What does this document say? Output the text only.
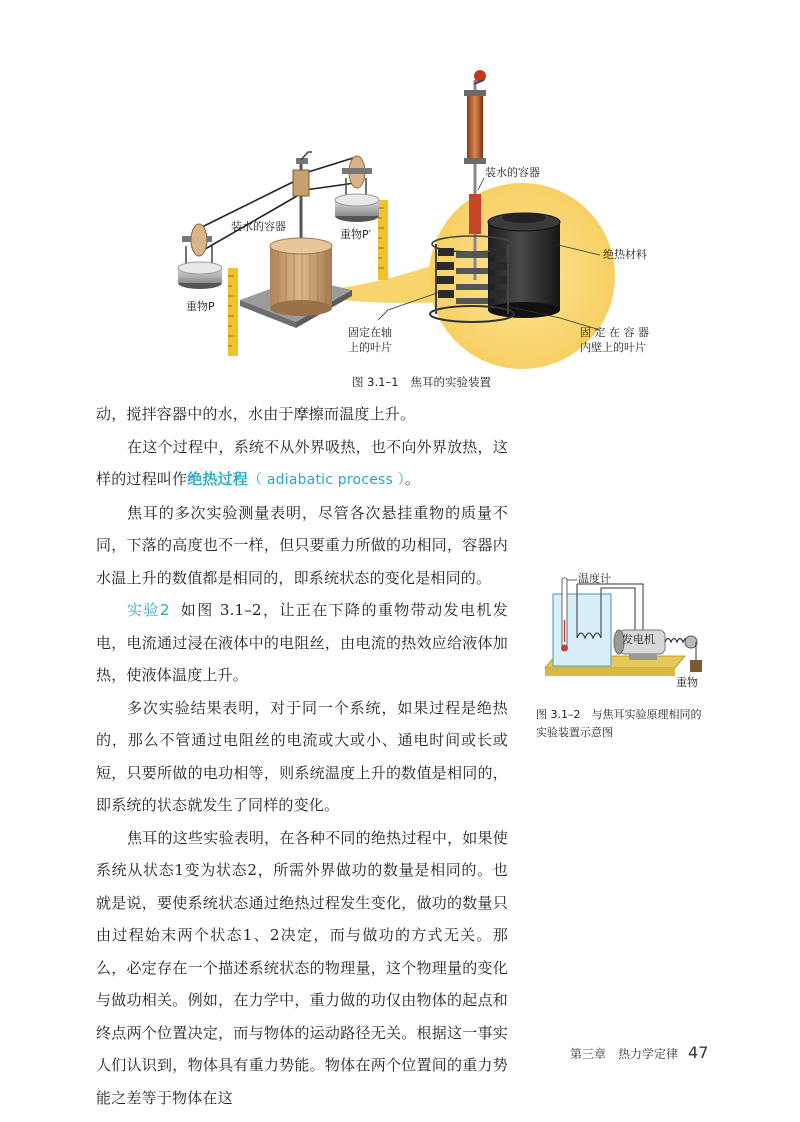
装水的容器
装水的容器
重物P′
重物P
绝热材料
固定在轴
上的叶片
固 定 在 容 器
内壁上的叶片
图 3.1–1 焦耳的实验装置
温度计
发电机
重物
图 3.1–2　与焦耳实验原理相同的
实验装置示意图

动，搅拌容器中的水，水由于摩擦而温度上升。

在这个过程中，系统不从外界吸热，也不向外界放热，这样的过程叫作绝热过程（ adiabatic process ）。

焦耳的多次实验测量表明，尽管各次悬挂重物的质量不同，下落的高度也不一样，但只要重力所做的功相同，容器内水温上升的数值都是相同的，即系统状态的变化是相同的。

实验2 如图 3.1–2，让正在下降的重物带动发电机发电，电流通过浸在液体中的电阻丝，由电流的热效应给液体加热，使液体温度上升。

多次实验结果表明，对于同一个系统，如果过程是绝热的，那么不管通过电阻丝的电流或大或小、通电时间或长或短，只要所做的电功相等，则系统温度上升的数值是相同的，即系统的状态就发生了同样的变化。

焦耳的这些实验表明，在各种不同的绝热过程中，如果使系统从状态1变为状态2，所需外界做功的数量是相同的。也就是说，要使系统状态通过绝热过程发生变化，做功的数量只由过程始末两个状态1、2决定，而与做功的方式无关。那么，必定存在一个描述系统状态的物理量，这个物理量的变化与做功相关。例如，在力学中，重力做的功仅由物体的起点和终点两个位置决定，而与物体的运动路径无关。根据这一事实人们认识到，物体具有重力势能。物体在两个位置间的重力势能之差等于物体在这

第三章　热力学定律 47
